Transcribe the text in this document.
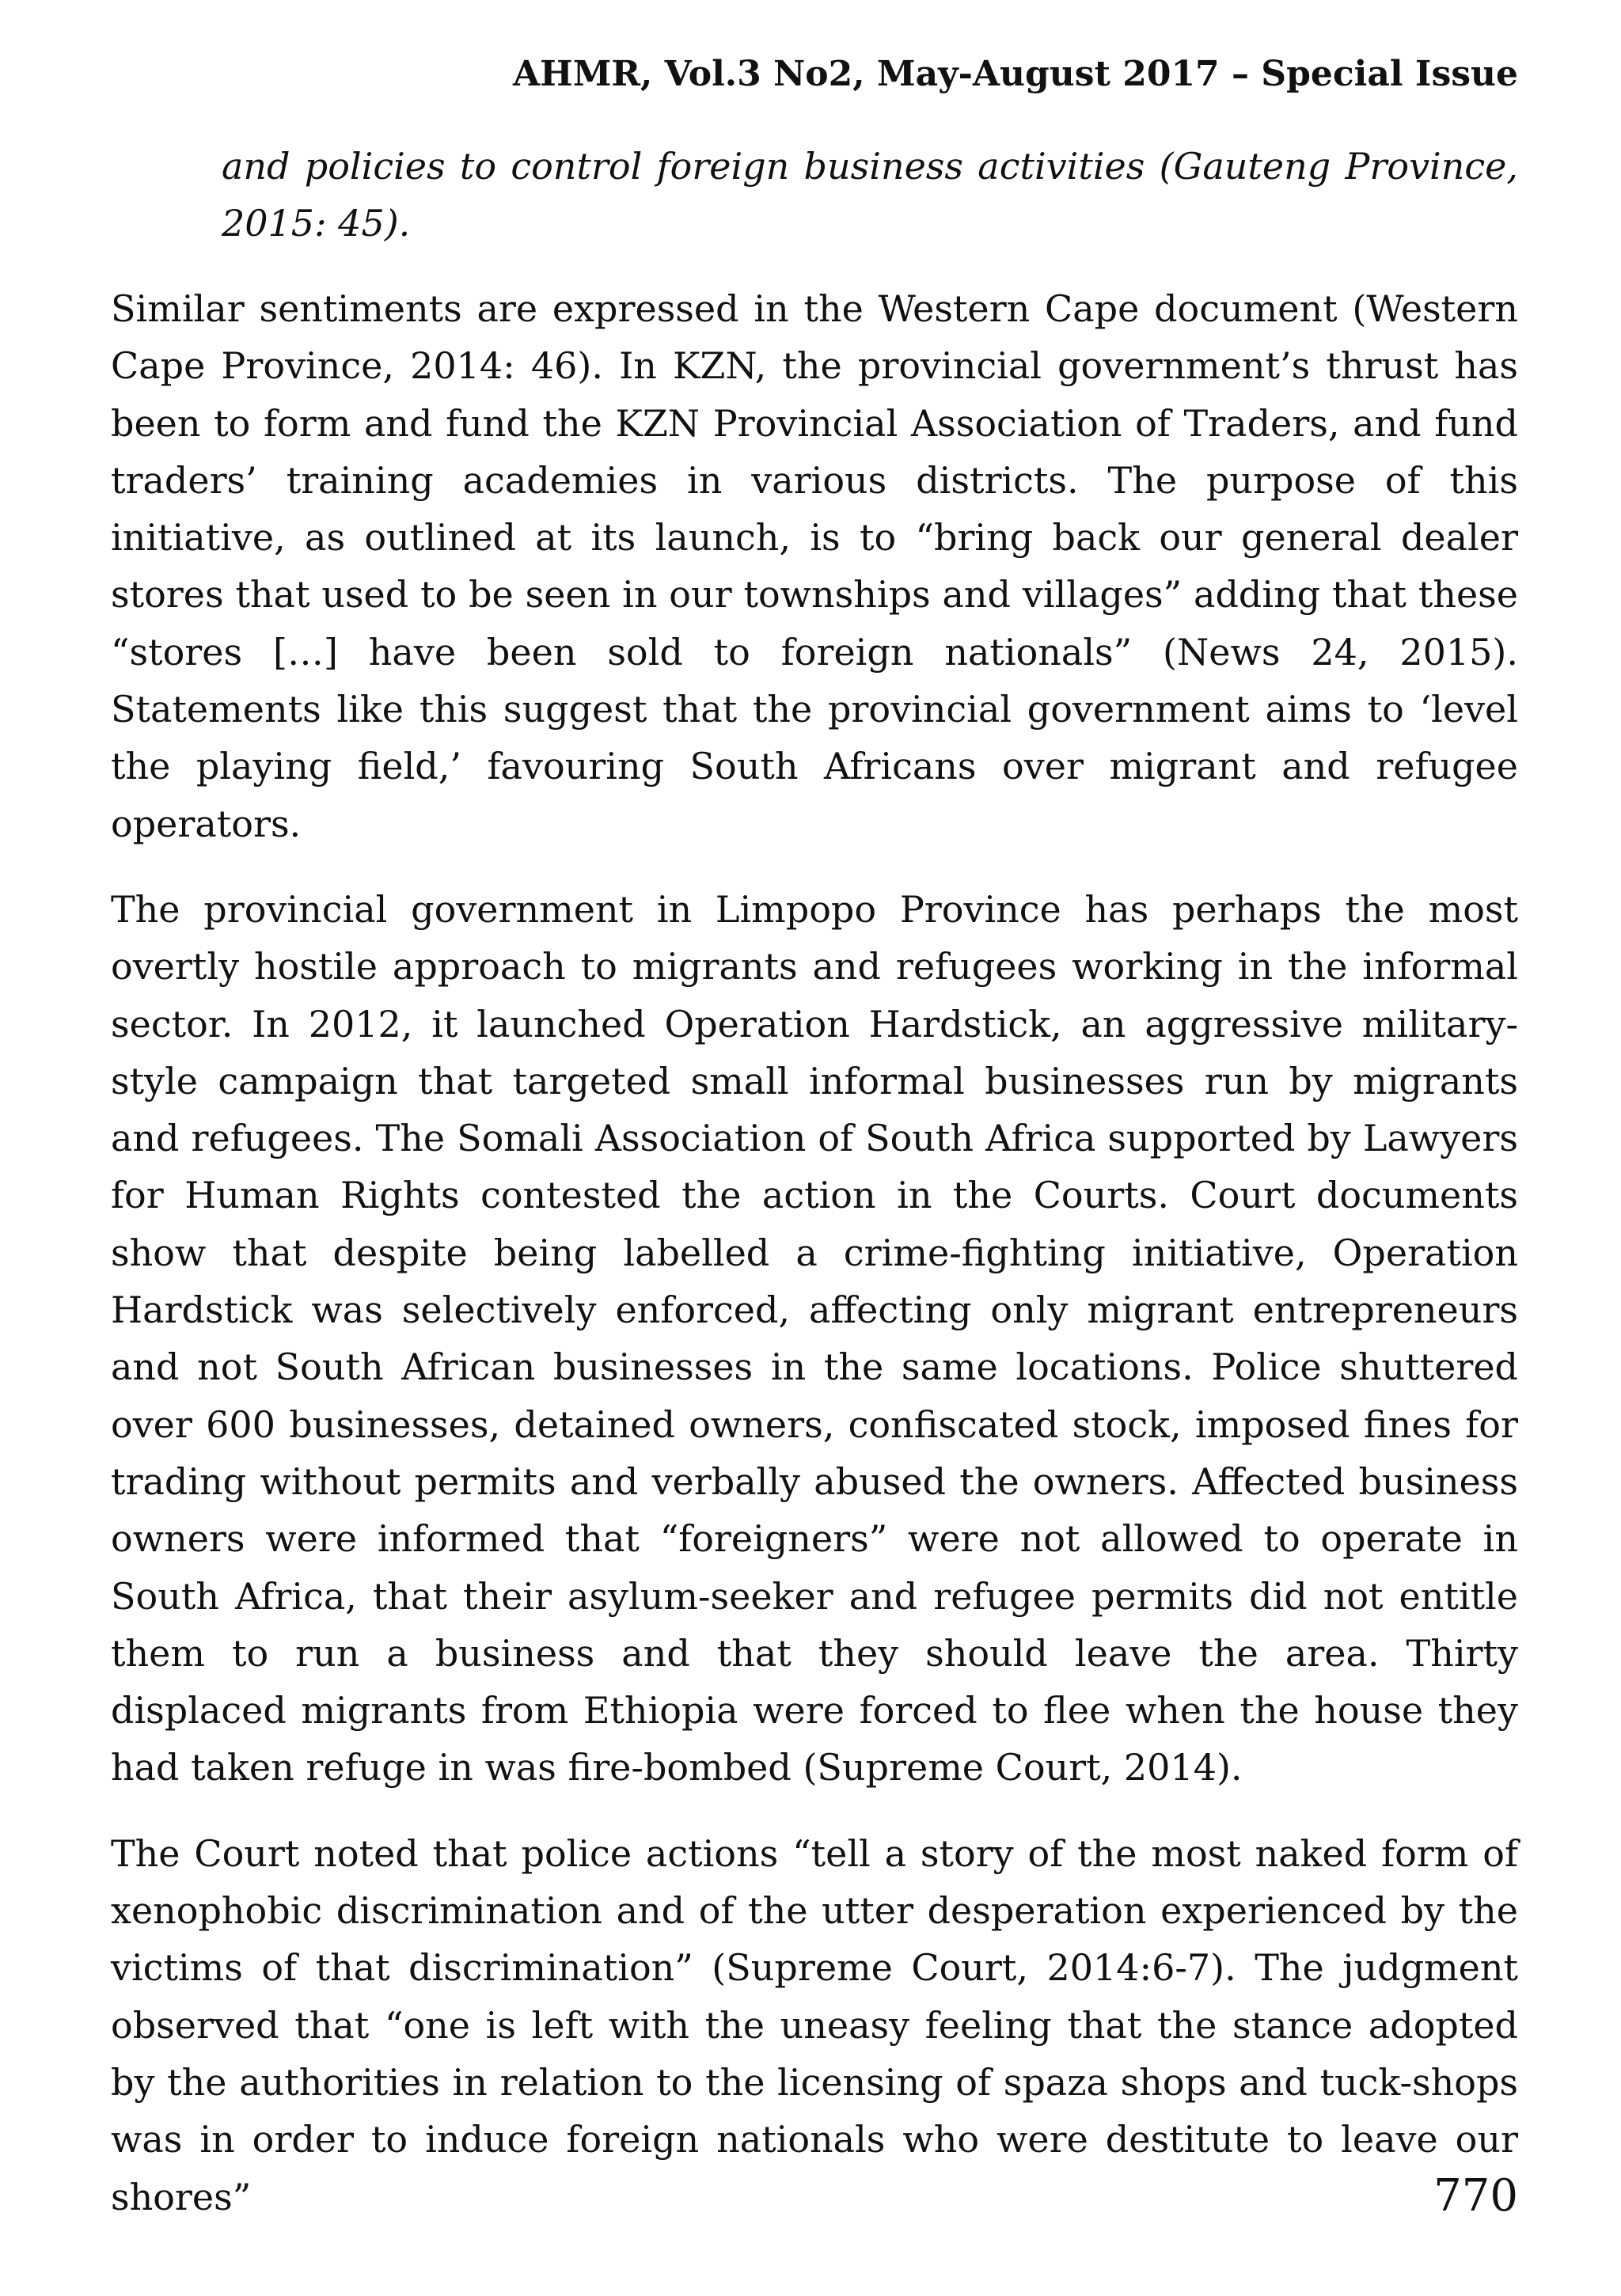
AHMR, Vol.3 No2, May-August 2017 – Special Issue

and policies to control foreign business activities (Gauteng Province, 2015: 45).

Similar sentiments are expressed in the Western Cape document (Western Cape Province, 2014: 46). In KZN, the provincial government’s thrust has been to form and fund the KZN Provincial Association of Traders, and fund traders’ training academies in various districts. The purpose of this initiative, as outlined at its launch, is to “bring back our general dealer stores that used to be seen in our townships and villages” adding that these “stores […] have been sold to foreign nationals” (News 24, 2015). Statements like this suggest that the provincial government aims to ‘level the playing field,’ favouring South Africans over migrant and refugee operators.

The provincial government in Limpopo Province has perhaps the most overtly hostile approach to migrants and refugees working in the informal sector. In 2012, it launched Operation Hardstick, an aggressive military-style campaign that targeted small informal businesses run by migrants and refugees. The Somali Association of South Africa supported by Lawyers for Human Rights contested the action in the Courts. Court documents show that despite being labelled a crime-fighting initiative, Operation Hardstick was selectively enforced, affecting only migrant entrepreneurs and not South African businesses in the same locations. Police shuttered over 600 businesses, detained owners, confiscated stock, imposed fines for trading without permits and verbally abused the owners. Affected business owners were informed that “foreigners” were not allowed to operate in South Africa, that their asylum-seeker and refugee permits did not entitle them to run a business and that they should leave the area. Thirty displaced migrants from Ethiopia were forced to flee when the house they had taken refuge in was fire-bombed (Supreme Court, 2014).

The Court noted that police actions “tell a story of the most naked form of xenophobic discrimination and of the utter desperation experienced by the victims of that discrimination” (Supreme Court, 2014:6-7). The judgment observed that “one is left with the uneasy feeling that the stance adopted by the authorities in relation to the licensing of spaza shops and tuck-shops was in order to induce foreign nationals who were destitute to leave our shores”	770
